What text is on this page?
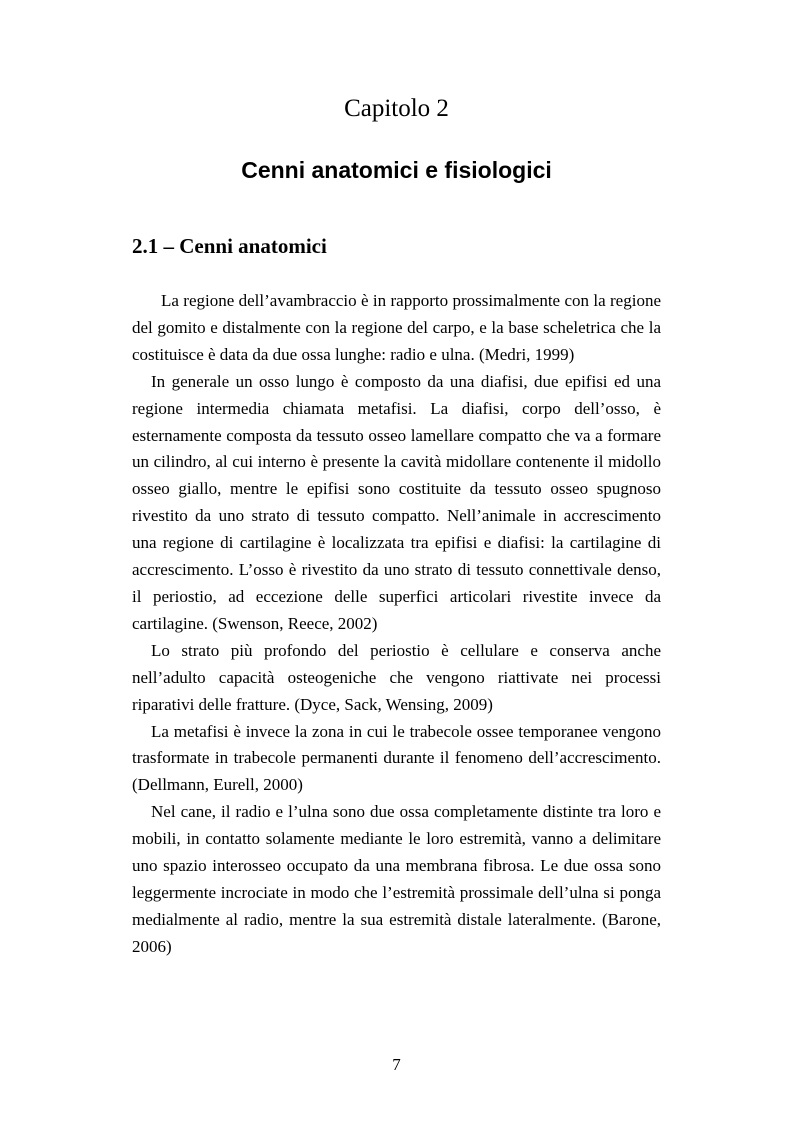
Capitolo 2
Cenni anatomici e fisiologici
2.1 – Cenni anatomici

La regione dell’avambraccio è in rapporto prossimalmente con la regione del gomito e distalmente con la regione del carpo, e la base scheletrica che la costituisce è data da due ossa lunghe: radio e ulna. (Medri, 1999)

In generale un osso lungo è composto da una diafisi, due epifisi ed una regione intermedia chiamata metafisi. La diafisi, corpo dell’osso, è esternamente composta da tessuto osseo lamellare compatto che va a formare un cilindro, al cui interno è presente la cavità midollare contenente il midollo osseo giallo, mentre le epifisi sono costituite da tessuto osseo spugnoso rivestito da uno strato di tessuto compatto. Nell’animale in accrescimento una regione di cartilagine è localizzata tra epifisi e diafisi: la cartilagine di accrescimento. L’osso è rivestito da uno strato di tessuto connettivale denso, il periostio, ad eccezione delle superfici articolari rivestite invece da cartilagine. (Swenson, Reece, 2002)

Lo strato più profondo del periostio è cellulare e conserva anche nell’adulto capacità osteogeniche che vengono riattivate nei processi riparativi delle fratture. (Dyce, Sack, Wensing, 2009)

La metafisi è invece la zona in cui le trabecole ossee temporanee vengono trasformate in trabecole permanenti durante il fenomeno dell’accrescimento. (Dellmann, Eurell, 2000)

Nel cane, il radio e l’ulna sono due ossa completamente distinte tra loro e mobili, in contatto solamente mediante le loro estremità, vanno a delimitare uno spazio interosseo occupato da una membrana fibrosa. Le due ossa sono leggermente incrociate in modo che l’estremità prossimale dell’ulna si ponga medialmente al radio, mentre la sua estremità distale lateralmente. (Barone, 2006)

7
